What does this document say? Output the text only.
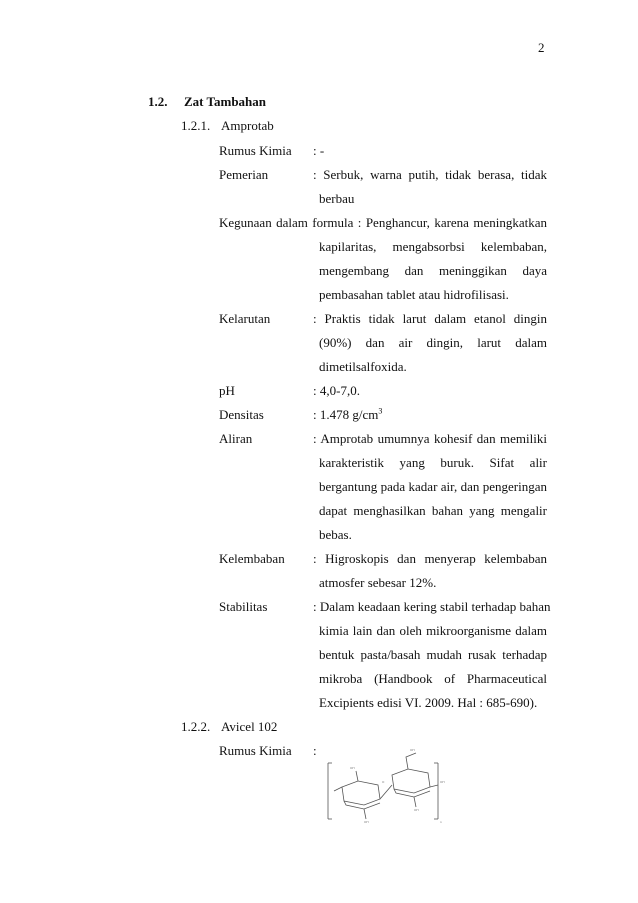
2
1.2. Zat Tambahan
1.2.1. Amprotab
Rumus Kimia : -
Pemerian	: Serbuk, warna putih, tidak berasa, tidak
berbau
Kegunaan dalam formula : Penghancur, karena meningkatkan
kapilaritas, mengabsorbsi kelembaban,
mengembang dan meninggikan daya
pembasahan tablet atau hidrofilisasi.
Kelarutan	: Praktis tidak larut dalam etanol dingin
(90%) dan air dingin, larut dalam
dimetilsalfoxida.
pH	: 4,0-7,0.
Densitas	: 1.478 $g/cm^3$
Aliran	: Amprotab umumnya kohesif dan memiliki
karakteristik yang buruk. Sifat alir
bergantung pada kadar air, dan pengeringan
dapat menghasilkan bahan yang mengalir
bebas.
Kelembaban : Higroskopis dan menyerap kelembaban
atmosfer sebesar 12%.
Stabilitas	: Dalam keadaan kering stabil terhadap bahan
kimia lain dan oleh mikroorganisme dalam
bentuk pasta/basah mudah rusak terhadap
mikroba (Handbook of Pharmaceutical
Excipients edisi VI. 2009. Hal : 685-690).
1.2.2. Avicel 102
Rumus Kimia :
OH
OH
OH
OH
OH
O
n
